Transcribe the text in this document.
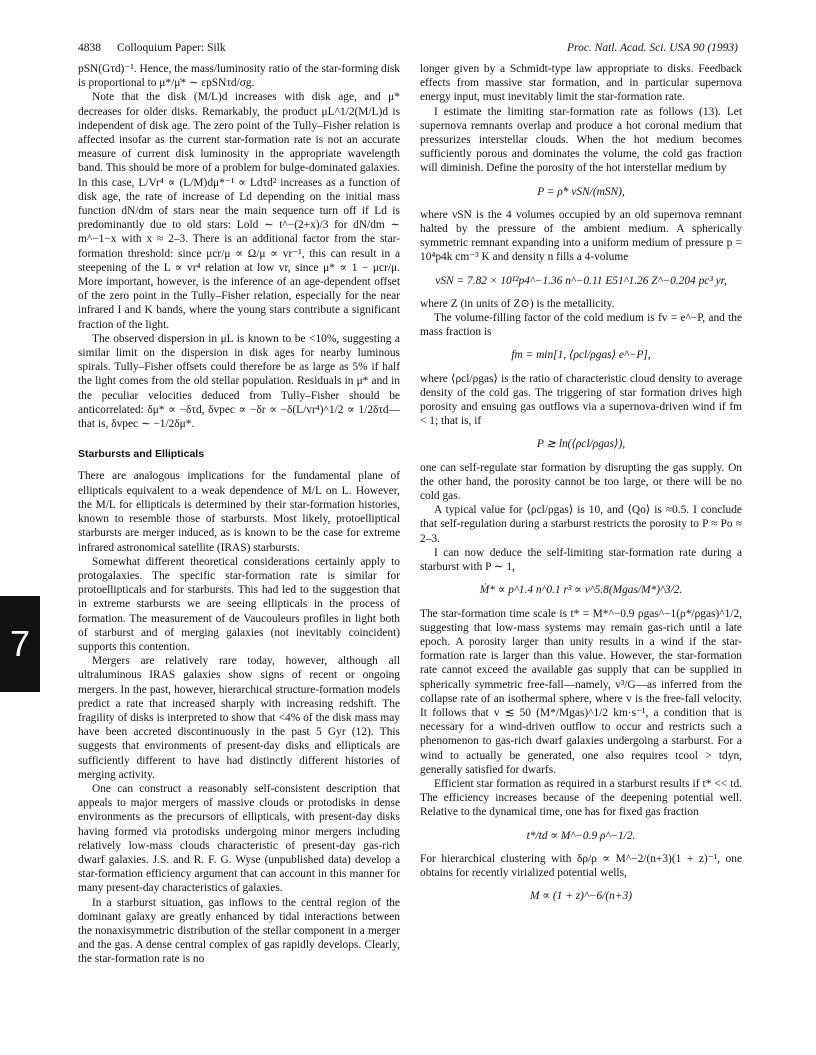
4838 Colloquium Paper: Silk	Proc. Natl. Acad. Sci. USA 90 (1993)
7

pSN(Gτd)⁻¹. Hence, the mass/luminosity ratio of the star-forming disk is proportional to μ*/μ̇* ∼ εpSNτd/σg.

Note that the disk (M/L)d increases with disk age, and μ* decreases for older disks. Remarkably, the product μL^1/2(M/L)d is independent of disk age. The zero point of the Tully–Fisher relation is affected insofar as the current star-formation rate is not an accurate measure of current disk luminosity in the appropriate wavelength band. This should be more of a problem for bulge-dominated galaxies. In this case, L/Vr⁴ ∝ (L/M)dμ*⁻¹ ∝ Ldτd² increases as a function of disk age, the rate of increase of Ld depending on the initial mass function dN/dm of stars near the main sequence turn off if Ld is predominantly due to old stars: Lold ∼ t^−(2+x)/3 for dN/dm ∼ m^−1−x with x ≈ 2–3. There is an additional factor from the star-formation threshold: since μcr/μ ∝ Ω/μ ∝ vr⁻¹, this can result in a steepening of the L ∝ vr⁴ relation at low vr, since μ* ∝ 1 − μcr/μ. More important, however, is the inference of an age-dependent offset of the zero point in the Tully–Fisher relation, especially for the near infrared I and K bands, where the young stars contribute a significant fraction of the light.

The observed dispersion in μL is known to be <10%, suggesting a similar limit on the dispersion in disk ages for nearby luminous spirals. Tully–Fisher offsets could therefore be as large as 5% if half the light comes from the old stellar population. Residuals in μ* and in the peculiar velocities deduced from Tully–Fisher should be anticorrelated: δμ* ∝ −δτd, δvpec ∝ −δr ∝ −δ(L/vr⁴)^1/2 ∝ 1/2δτd—that is, δvpec ∼ −1/2δμ*.

Starbursts and Ellipticals

There are analogous implications for the fundamental plane of ellipticals equivalent to a weak dependence of M/L on L. However, the M/L for ellipticals is determined by their star-formation histories, known to resemble those of starbursts. Most likely, protoelliptical starbursts are merger induced, as is known to be the case for extreme infrared astronomical satellite (IRAS) starbursts.

Somewhat different theoretical considerations certainly apply to protogalaxies. The specific star-formation rate is similar for protoellipticals and for starbursts. This had led to the suggestion that in extreme starbursts we are seeing ellipticals in the process of formation. The measurement of de Vaucouleurs profiles in light both of starburst and of merging galaxies (not inevitably coincident) supports this contention.

Mergers are relatively rare today, however, although all ultraluminous IRAS galaxies show signs of recent or ongoing mergers. In the past, however, hierarchical structure-formation models predict a rate that increased sharply with increasing redshift. The fragility of disks is interpreted to show that <4% of the disk mass may have been accreted discontinuously in the past 5 Gyr (12). This suggests that environments of present-day disks and ellipticals are sufficiently different to have had distinctly different histories of merging activity.

One can construct a reasonably self-consistent description that appeals to major mergers of massive clouds or protodisks in dense environments as the precursors of ellipticals, with present-day disks having formed via protodisks undergoing minor mergers including relatively low-mass clouds characteristic of present-day gas-rich dwarf galaxies. J.S. and R. F. G. Wyse (unpublished data) develop a star-formation efficiency argument that can account in this manner for many present-day characteristics of galaxies.

In a starburst situation, gas inflows to the central region of the dominant galaxy are greatly enhanced by tidal interactions between the nonaxisymmetric distribution of the stellar component in a merger and the gas. A dense central complex of gas rapidly develops. Clearly, the star-formation rate is no

longer given by a Schmidt-type law appropriate to disks. Feedback effects from massive star formation, and in particular supernova energy input, must inevitably limit the star-formation rate.

I estimate the limiting star-formation rate as follows (13). Let supernova remnants overlap and produce a hot coronal medium that pressurizes interstellar clouds. When the hot medium becomes sufficiently porous and dominates the volume, the cold gas fraction will diminish. Define the porosity of the hot interstellar medium by

P = ρ̇* νSN/(mSN),

where νSN is the 4 volumes occupied by an old supernova remnant halted by the pressure of the ambient medium. A spherically symmetric remnant expanding into a uniform medium of pressure p = 10⁴p4k cm⁻³ K and density n fills a 4-volume

νSN = 7.82 × 10¹²p4^−1.36 n^−0.11 E51^1.26 Z^−0.204 pc³ yr,

where Z (in units of Z⊙) is the metallicity.

The volume-filling factor of the cold medium is fv = e^−P, and the mass fraction is

fm = min[1, ⟨ρcl/ρgas⟩ e^−P],

where ⟨ρcl/ρgas⟩ is the ratio of characteristic cloud density to average density of the cold gas. The triggering of star formation drives high porosity and ensuing gas outflows via a supernova-driven wind if fm < 1; that is, if

P ≳ ln(⟨ρcl/ρgas⟩),

one can self-regulate star formation by disrupting the gas supply. On the other hand, the porosity cannot be too large, or there will be no cold gas.

A typical value for ⟨ρcl/ρgas⟩ is 10, and ⟨Qo⟩ is ≈0.5. I conclude that self-regulation during a starburst restricts the porosity to P ≈ Po ≈ 2–3.

I can now deduce the self-limiting star-formation rate during a starburst with P ∼ 1,

Ṁ* ∝ p^1.4 n^0.1 r³ ∝ v^5.8(Mgas/M*)^3/2.

The star-formation time scale is t* = M*^−0.9 ρgas^−1(ρ*/ρgas)^1/2, suggesting that low-mass systems may remain gas-rich until a late epoch. A porosity larger than unity results in a wind if the star-formation rate is larger than this value. However, the star-formation rate cannot exceed the available gas supply that can be supplied in spherically symmetric free-fall—namely, v³/G—as inferred from the collapse rate of an isothermal sphere, where v is the free-fall velocity. It follows that v ≲ 50 (M*/Mgas)^1/2 km·s⁻¹, a condition that is necessary for a wind-driven outflow to occur and restricts such a phenomenon to gas-rich dwarf galaxies undergoing a starburst. For a wind to actually be generated, one also requires tcool > tdyn, generally satisfied for dwarfs.

Efficient star formation as required in a starburst results if t* << td. The efficiency increases because of the deepening potential well. Relative to the dynamical time, one has for fixed gas fraction

t*/td ∝ M^−0.9 ρ^−1/2.

For hierarchical clustering with δρ/ρ ∝ M^−2/(n+3)(1 + z)⁻¹, one obtains for recently virialized potential wells,

M ∝ (1 + z)^−6/(n+3)
